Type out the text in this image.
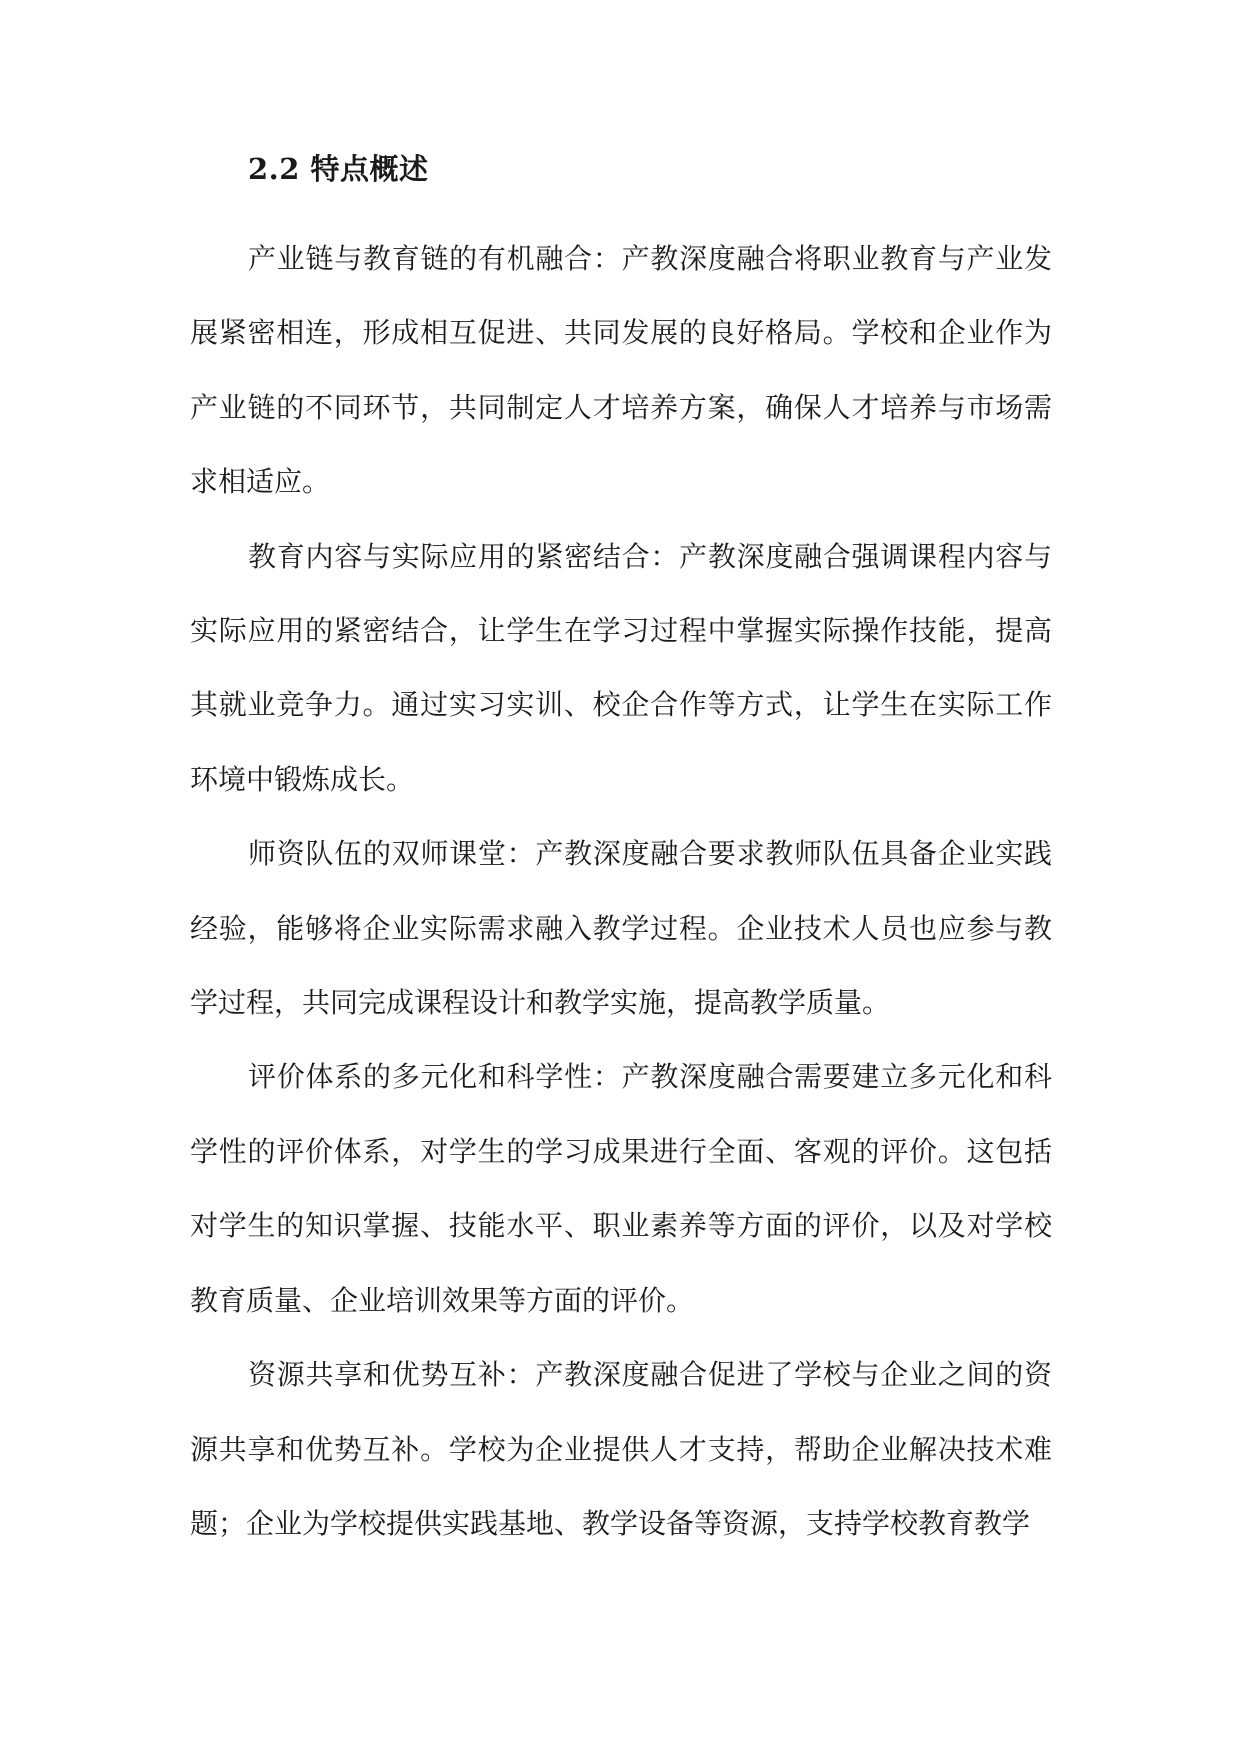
2.2 特点概述

产业链与教育链的有机融合：产教深度融合将职业教育与产业发展紧密相连，形成相互促进、共同发展的良好格局。学校和企业作为产业链的不同环节，共同制定人才培养方案，确保人才培养与市场需求相适应。

教育内容与实际应用的紧密结合：产教深度融合强调课程内容与实际应用的紧密结合，让学生在学习过程中掌握实际操作技能，提高其就业竞争力。通过实习实训、校企合作等方式，让学生在实际工作环境中锻炼成长。

师资队伍的双师课堂：产教深度融合要求教师队伍具备企业实践经验，能够将企业实际需求融入教学过程。企业技术人员也应参与教学过程，共同完成课程设计和教学实施，提高教学质量。

评价体系的多元化和科学性：产教深度融合需要建立多元化和科学性的评价体系，对学生的学习成果进行全面、客观的评价。这包括对学生的知识掌握、技能水平、职业素养等方面的评价，以及对学校教育质量、企业培训效果等方面的评价。

资源共享和优势互补：产教深度融合促进了学校与企业之间的资源共享和优势互补。学校为企业提供人才支持，帮助企业解决技术难题；企业为学校提供实践基地、教学设备等资源，支持学校教育教学
